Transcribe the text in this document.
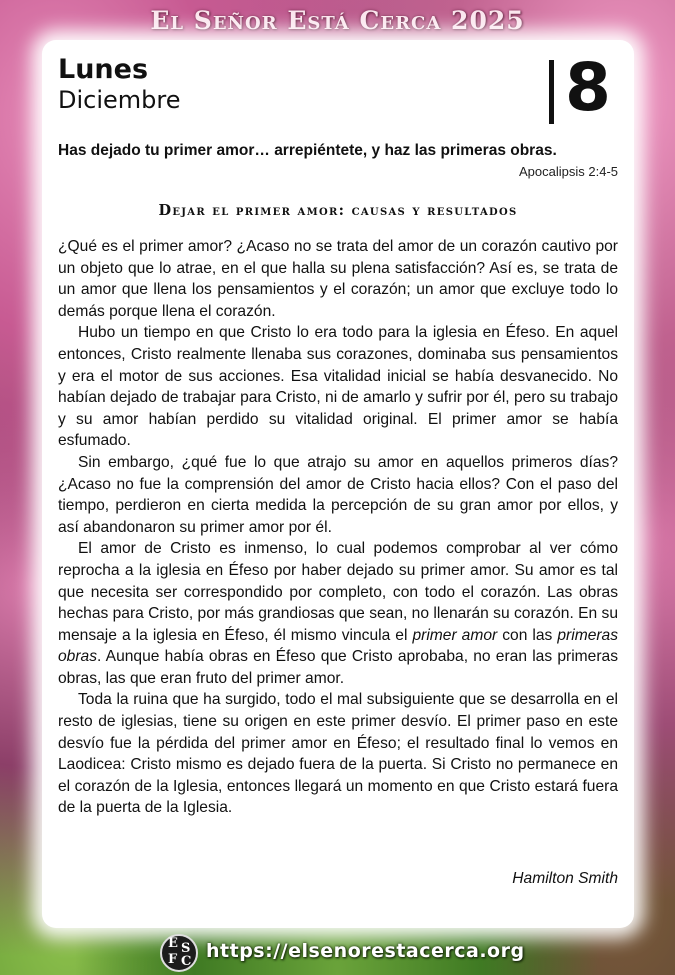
El Señor Está Cerca 2025
Lunes
Diciembre	8
Has dejado tu primer amor… arrepiéntete, y haz las primeras obras.
Apocalipsis 2:4-5
Dejar el primer amor: causas y resultados

¿Qué es el primer amor? ¿Acaso no se trata del amor de un corazón cautivo por un objeto que lo atrae, en el que halla su plena satisfacción? Así es, se trata de un amor que llena los pensamientos y el corazón; un amor que excluye todo lo demás porque llena el corazón.

Hubo un tiempo en que Cristo lo era todo para la iglesia en Éfeso. En aquel entonces, Cristo realmente llenaba sus corazones, dominaba sus pensamientos y era el motor de sus acciones. Esa vitalidad inicial se había desvanecido. No habían dejado de trabajar para Cristo, ni de amarlo y sufrir por él, pero su trabajo y su amor habían perdido su vitalidad original. El primer amor se había esfumado.

Sin embargo, ¿qué fue lo que atrajo su amor en aquellos primeros días? ¿Acaso no fue la comprensión del amor de Cristo hacia ellos? Con el paso del tiempo, perdieron en cierta medida la percepción de su gran amor por ellos, y así abandonaron su primer amor por él.

El amor de Cristo es inmenso, lo cual podemos comprobar al ver cómo reprocha a la iglesia en Éfeso por haber dejado su primer amor. Su amor es tal que necesita ser correspondido por completo, con todo el corazón. Las obras hechas para Cristo, por más grandiosas que sean, no llenarán su corazón. En su mensaje a la iglesia en Éfeso, él mismo vincula el primer amor con las primeras obras. Aunque había obras en Éfeso que Cristo aprobaba, no eran las primeras obras, las que eran fruto del primer amor.

Toda la ruina que ha surgido, todo el mal subsiguiente que se desarrolla en el resto de iglesias, tiene su origen en este primer desvío. El primer paso en este desvío fue la pérdida del primer amor en Éfeso; el resultado final lo vemos en Laodicea: Cristo mismo es dejado fuera de la puerta. Si Cristo no permanece en el corazón de la Iglesia, entonces llegará un momento en que Cristo estará fuera de la puerta de la Iglesia.

Hamilton Smith
E S
F C https://elsenorestacerca.org
